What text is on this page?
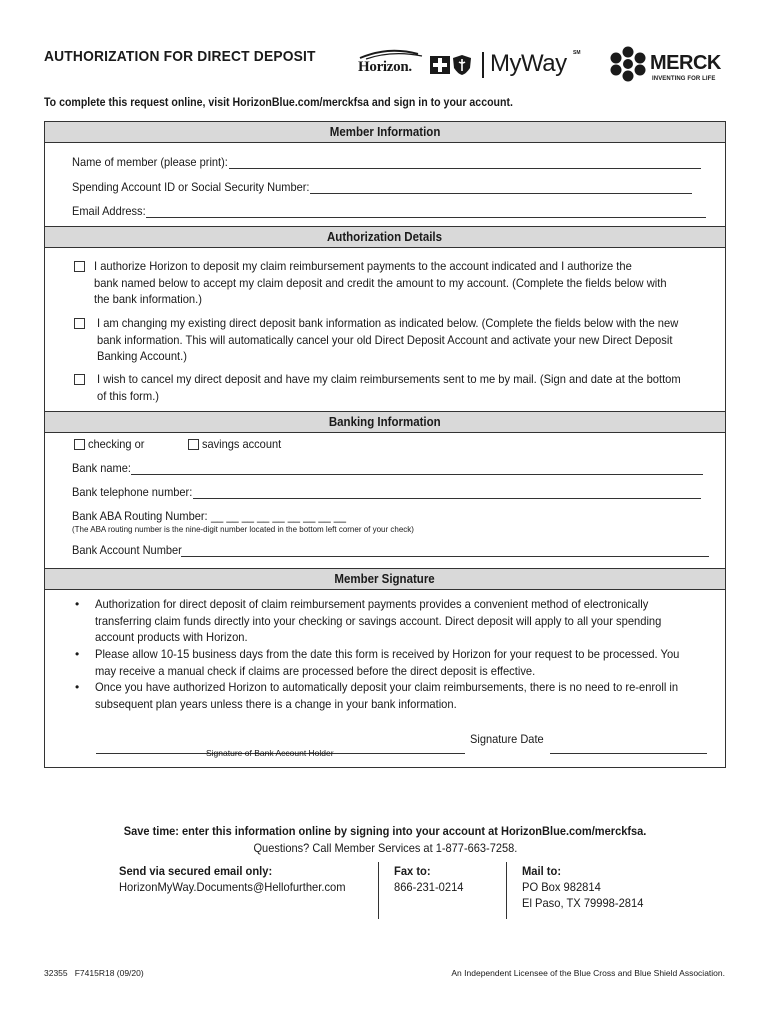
AUTHORIZATION FOR DIRECT DEPOSIT
Horizon.	MyWay SM	MERCK
INVENTING FOR LIFE
To complete this request online, visit HorizonBlue.com/merckfsa and sign in to your account.
Member Information
Name of member (please print):
Spending Account ID or Social Security Number:
Email Address:
Authorization Details
I authorize Horizon to deposit my claim reimbursement payments to the account indicated and I authorize the
bank named below to accept my claim deposit and credit the amount to my account. (Complete the fields below with
the bank information.)
I am changing my existing direct deposit bank information as indicated below. (Complete the fields below with the new
bank information. This will automatically cancel your old Direct Deposit Account and activate your new Direct Deposit
Banking Account.)
I wish to cancel my direct deposit and have my claim reimbursements sent to me by mail. (Sign and date at the bottom
of this form.)
Banking Information
checking or	savings account
Bank name:
Bank telephone number:
Bank ABA Routing Number: __ __ __ __ __ __ __ __ __
(The ABA routing number is the nine-digit number located in the bottom left corner of your check)
Bank Account Number
Member Signature
• Authorization for direct deposit of claim reimbursement payments provides a convenient method of electronically
transferring claim funds directly into your checking or savings account. Direct deposit will apply to all your spending
account products with Horizon.
• Please allow 10-15 business days from the date this form is received by Horizon for your request to be processed. You
may receive a manual check if claims are processed before the direct deposit is effective.
• Once you have authorized Horizon to automatically deposit your claim reimbursements, there is no need to re-enroll in
subsequent plan years unless there is a change in your bank information.
Signature Date
Signature of Bank Account Holder
Save time: enter this information online by signing into your account at HorizonBlue.com/merckfsa.
Questions? Call Member Services at 1-877-663-7258.
Send via secured email only:
HorizonMyWay.Documents@Hellofurther.com
Fax to:
866-231-0214
Mail to:
PO Box 982814
El Paso, TX 79998-2814
32355   F7415R18 (09/20)	An Independent Licensee of the Blue Cross and Blue Shield Association.
